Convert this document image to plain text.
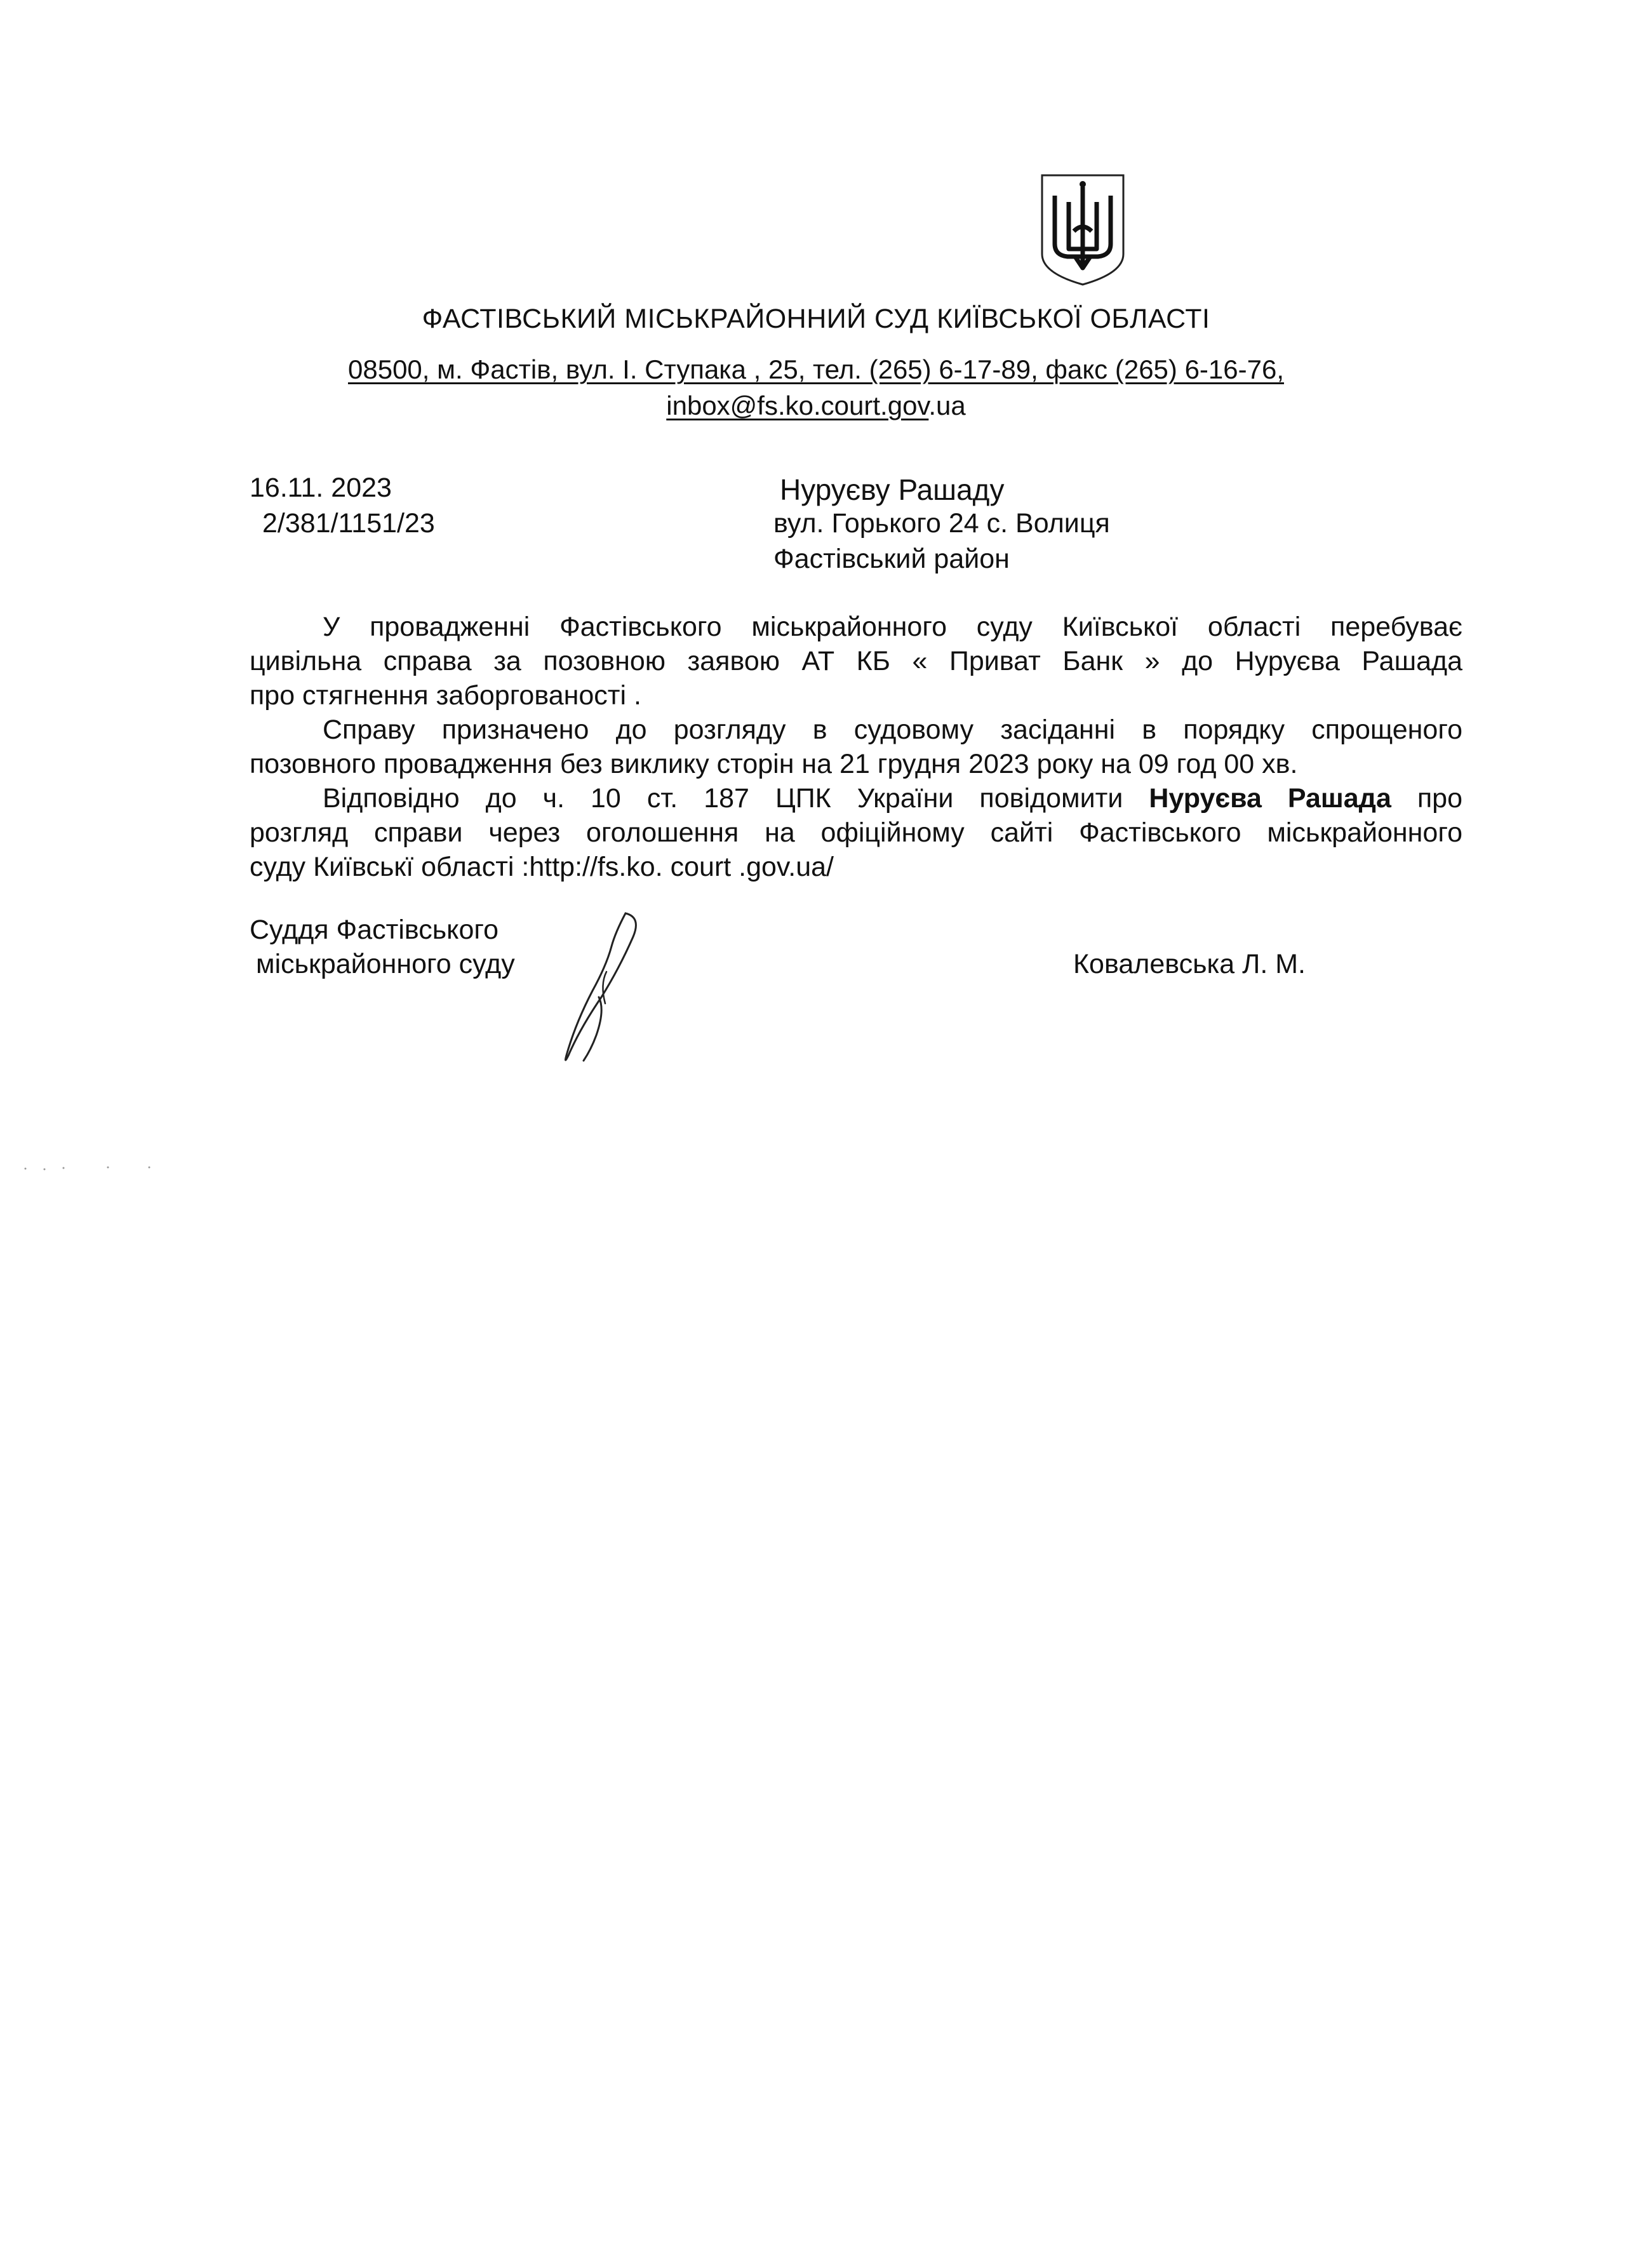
ФАСТІВСЬКИЙ МІСЬКРАЙОННИЙ СУД КИЇВСЬКОЇ ОБЛАСТІ
08500, м. Фастів, вул. І. Ступака , 25, тел. (265) 6-17-89, факс (265) 6-16-76,
inbox@fs.ko.court.gov.ua
16.11. 2023
2/381/1151/23
Нуруєву Рашаду
вул. Горького 24 с. Волиця
Фастівський район
У провадженні Фастівського міськрайонного суду Київської області перебуває
цивільна справа за позовною заявою АТ КБ « Приват Банк » до Нуруєва Рашада
про стягнення заборгованості .
Справу призначено до розгляду в судовому засіданні в порядку спрощеного
позовного провадження без виклику сторін на 21 грудня 2023 року на 09 год 00 хв.
Відповідно до ч. 10 ст. 187 ЦПК України повідомити Нуруєва Рашада про
розгляд справи через оголошення на офіційному сайті Фастівського міськрайонного
суду Київськї області :http://fs.ko. court .gov.ua/
Суддя Фастівського
міськрайонного суду	Ковалевська Л. М.
